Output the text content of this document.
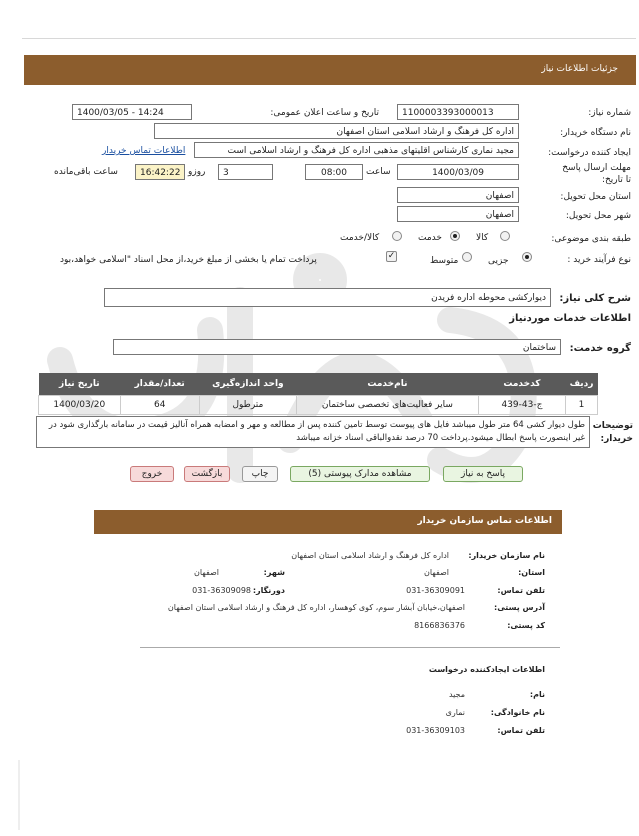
جزئیات اطلاعات نیاز
شماره نیاز:
1100003393000013
تاریخ و ساعت اعلان عمومی:
1400/03/05 - 14:24
نام دستگاه خریدار:
اداره کل فرهنگ و ارشاد اسلامی استان اصفهان
ایجاد کننده درخواست:
مجید نماری کارشناس اقلیتهای مذهبی اداره کل فرهنگ و ارشاد اسلامی است
اطلاعات تماس خریدار
مهلت ارسال پاسخ تا تاریخ:
1400/03/09
ساعت
08:00
3
روزو
16:42:22
ساعت باقی‌مانده
استان محل تحویل:
اصفهان
شهر محل تحویل:
اصفهان
طبقه بندی موضوعی:
کالا
خدمت
کالا/خدمت
نوع فرآیند خرید :
جزیی
متوسط
✓
پرداخت تمام یا بخشی از مبلغ خرید،از محل اسناد "اسلامی خواهد،بود
شرح کلی نیاز:
دیوارکشی محوطه اداره فریدن
اطلاعات خدمات موردنیاز
گروه خدمت:
ساختمان
ردیف	کدخدمت	نام‌خدمت	واحد اندازه‌گیری	تعداد/مقدار	تاریخ نیاز
1	ج-43-439	سایر فعالیت‌های تخصصی ساختمان	مترطول	64	1400/03/20
توضیحات خریدار:
طول دیوار کشی 64 متر طول میباشد فایل های پیوست توسط تامین کننده پس از مطالعه و مهر و امضابه همراه آنالیز قیمت در سامانه بارگذاری شود در غیر اینصورت پاسخ ابطال میشود.پرداخت 70 درصد نقدوالباقی اسناد خزانه میباشد
پاسخ به نیاز
مشاهده مدارک پیوستی (5)
چاپ
بازگشت
خروج
اطلاعات تماس سازمان خریدار
نام سازمان خریدار:
اداره کل فرهنگ و ارشاد اسلامی استان اصفهان
استان:
اصفهان
شهر:
اصفهان
تلفن تماس:
031-36309091
دورنگار:
031-36309098
آدرس پستی:
اصفهان،خیابان آبشار سوم، کوی کوهسار، اداره کل فرهنگ و ارشاد اسلامی استان اصفهان
کد پستی:
8166836376
اطلاعات ایجادکننده درخواست
نام:
مجید
نام خانوادگی:
نماری
تلفن تماس:
031-36309103
